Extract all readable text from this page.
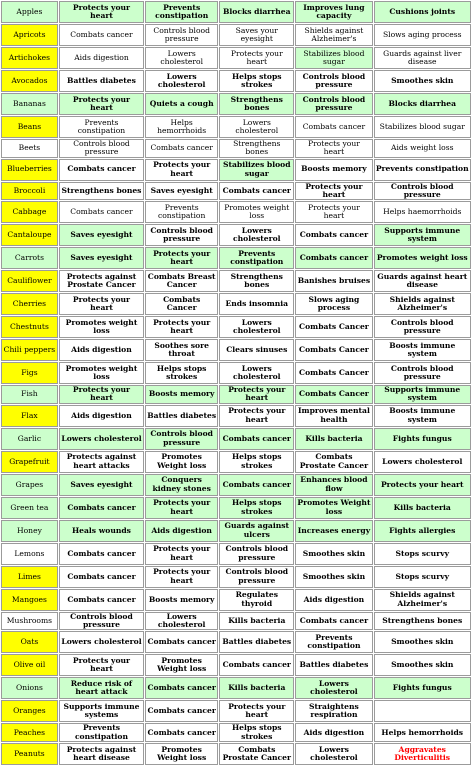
Apples	Protects your heart	Prevents constipation	Blocks diarrhea	Improves lung capacity	Cushions joints
Apricots	Combats cancer	Controls blood pressure	Saves your eyesight	Shields against Alzheimer's	Slows aging process
Artichokes	Aids digestion	Lowers cholesterol	Protects your heart	Stabilizes blood sugar	Guards against liver disease
Avocados	Battles diabetes	Lowers cholesterol	Helps stops strokes	Controls blood pressure	Smoothes skin
Bananas	Protects your heart	Quiets a cough	Strengthens bones	Controls blood pressure	Blocks diarrhea
Beans	Prevents constipation	Helps hemorrhoids	Lowers cholesterol	Combats cancer	Stabilizes blood sugar
Beets	Controls blood pressure	Combats cancer	Strengthens bones	Protects your heart	Aids weight loss
Blueberries	Combats cancer	Protects your heart	Stabilizes blood sugar	Boosts memory	Prevents constipation
Broccoli	Strengthens bones	Saves eyesight	Combats cancer	Protects your heart	Controls blood pressure
Cabbage	Combats cancer	Prevents constipation	Promotes weight loss	Protects your heart	Helps haemorrhoids
Cantaloupe	Saves eyesight	Controls blood pressure	Lowers cholesterol	Combats cancer	Supports immune system
Carrots	Saves eyesight	Protects your heart	Prevents constipation	Combats cancer	Promotes weight loss
Cauliflower	Protects against Prostate Cancer	Combats Breast Cancer	Strengthens bones	Banishes bruises	Guards against heart disease
Cherries	Protects your heart	Combats Cancer	Ends insomnia	Slows aging process	Shields against Alzheimer's
Chestnuts	Promotes weight loss	Protects your heart	Lowers cholesterol	Combats Cancer	Controls blood pressure
Chili peppers	Aids digestion	Soothes sore throat	Clears sinuses	Combats Cancer	Boosts immune system
Figs	Promotes weight loss	Helps stops strokes	Lowers cholesterol	Combats Cancer	Controls blood pressure
Fish	Protects your heart	Boosts memory	Protects your heart	Combats Cancer	Supports immune system
Flax	Aids digestion	Battles diabetes	Protects your heart	Improves mental health	Boosts immune system
Garlic	Lowers cholesterol	Controls blood pressure	Combats cancer	Kills bacteria	Fights fungus
Grapefruit	Protects against heart attacks	Promotes Weight loss	Helps stops strokes	Combats Prostate Cancer	Lowers cholesterol
Grapes	Saves eyesight	Conquers kidney stones	Combats cancer	Enhances blood flow	Protects your heart
Green tea	Combats cancer	Protects your heart	Helps stops strokes	Promotes Weight loss	Kills bacteria
Honey	Heals wounds	Aids digestion	Guards against ulcers	Increases energy	Fights allergies
Lemons	Combats cancer	Protects your heart	Controls blood pressure	Smoothes skin	Stops scurvy
Limes	Combats cancer	Protects your heart	Controls blood pressure	Smoothes skin	Stops scurvy
Mangoes	Combats cancer	Boosts memory	Regulates thyroid	Aids digestion	Shields against Alzheimer's
Mushrooms	Controls blood pressure	Lowers cholesterol	Kills bacteria	Combats cancer	Strengthens bones
Oats	Lowers cholesterol	Combats cancer	Battles diabetes	Prevents constipation	Smoothes skin
Olive oil	Protects your heart	Promotes Weight loss	Combats cancer	Battles diabetes	Smoothes skin
Onions	Reduce risk of heart attack	Combats cancer	Kills bacteria	Lowers cholesterol	Fights fungus
Oranges	Supports immune systems	Combats cancer	Protects your heart	Straightens respiration	
Peaches	Prevents constipation	Combats cancer	Helps stops strokes	Aids digestion	Helps hemorrhoids
Peanuts	Protects against heart disease	Promotes Weight loss	Combats Prostate Cancer	Lowers cholesterol	Aggravates Diverticulitis
